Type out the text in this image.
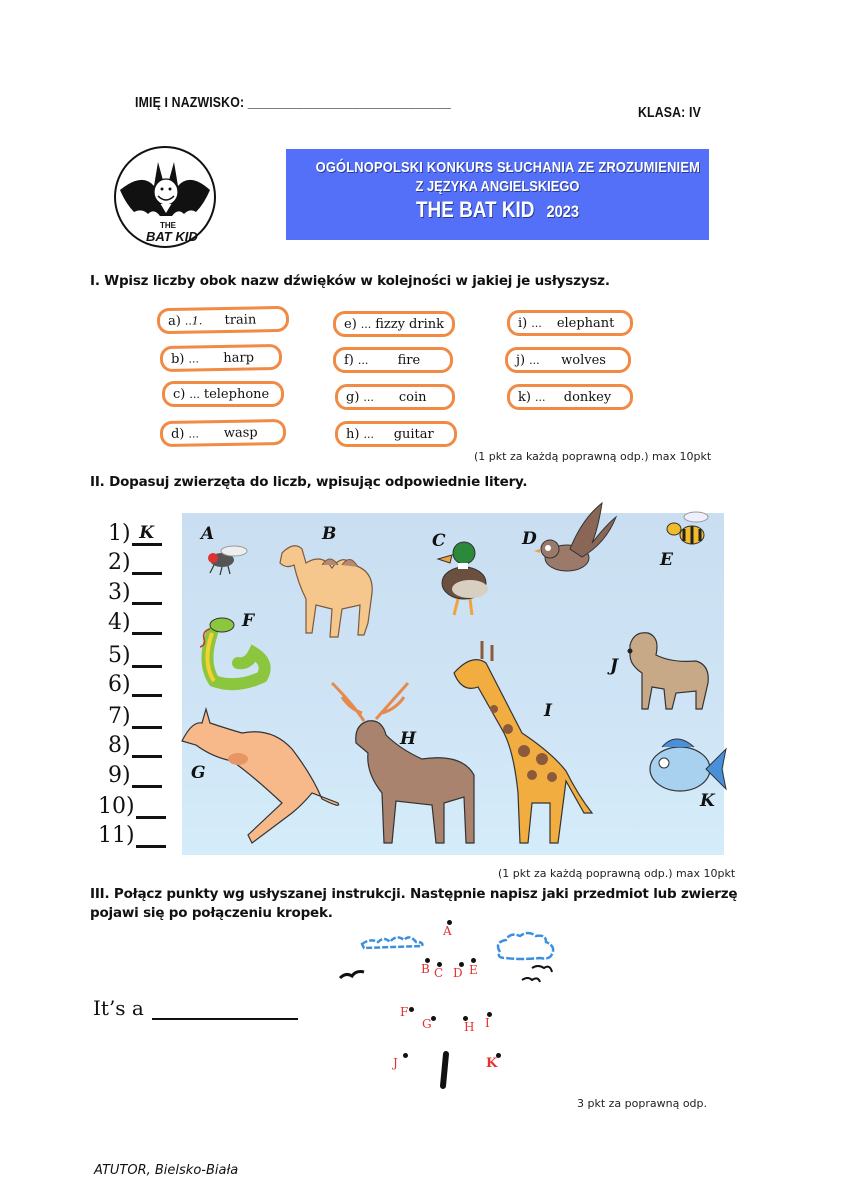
IMIĘ I NAZWISKO: _____________________________
KLASA: IV
THE
BAT KID
OGÓLNOPOLSKI KONKURS SŁUCHANIA ZE ZROZUMIENIEM
Z JĘZYKA ANGIELSKIEGO
THE BAT KID 2023
I. Wpisz liczby obok nazw dźwięków w kolejności w jakiej je usłyszysz.
a) ..1. train
b) ...	harp
c) ... telephone
d) ...	wasp
e) ... fizzy drink
f) ...	fire
g) ...	coin
h) ...	guitar
i) ...	elephant
j) ...	wolves
k) ...	donkey
(1 pkt za każdą poprawną odp.) max 10pkt
II. Dopasuj zwierzęta do liczb, wpisując odpowiednie litery.
1) K
2)
3)
4)
5)
6)
7)
8)
9)
10)
11)
A	B	C	D
E
F
G
H
I
J
K
(1 pkt za każdą poprawną odp.) max 10pkt
III. Połącz punkty wg usłyszanej instrukcji. Następnie napisz jaki przedmiot lub zwierzę
pojawi się po połączeniu kropek.
It’s a
A
B C D E
F
G	H I
J	K
3 pkt za poprawną odp.
ATUTOR, Bielsko-Biała
